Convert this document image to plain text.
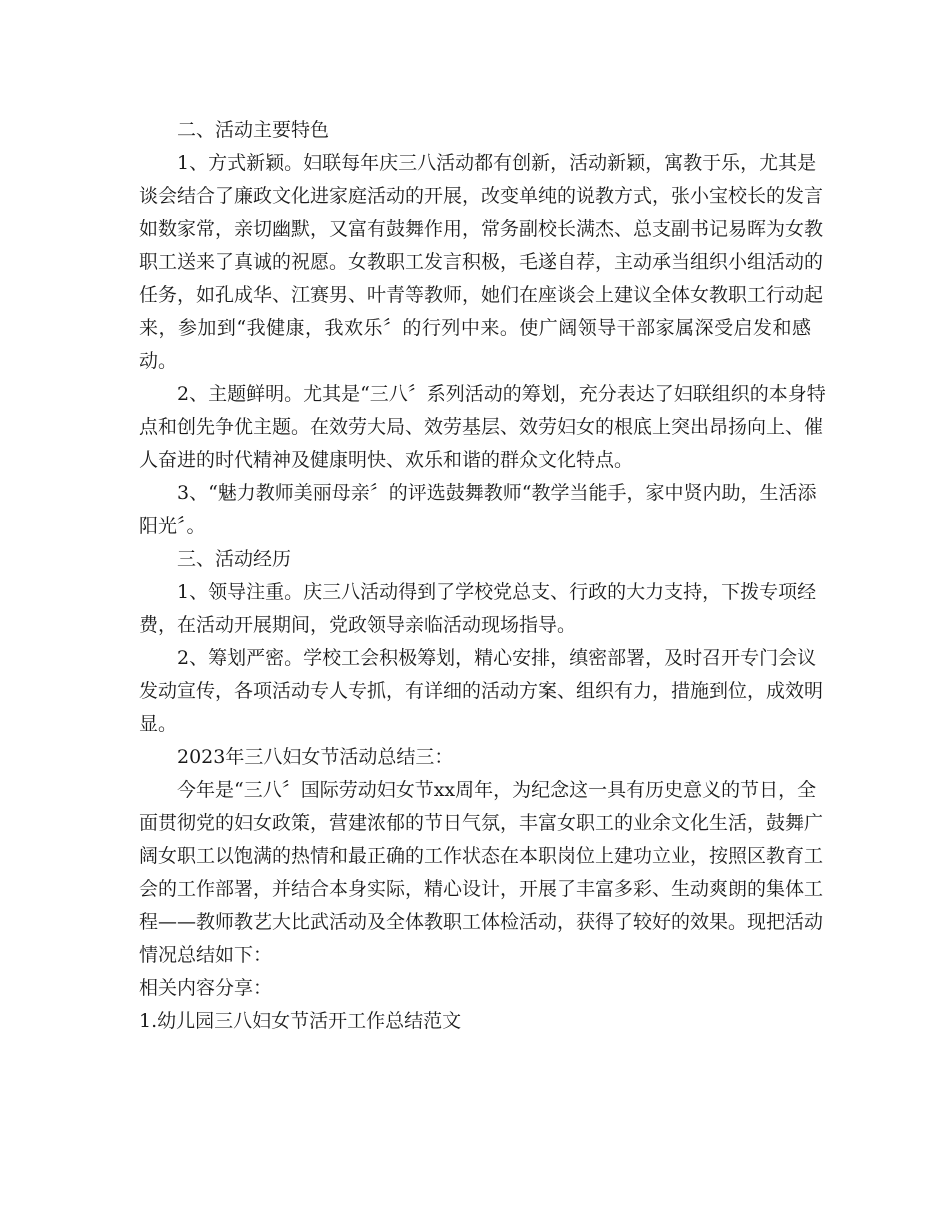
二、活动主要特色

1、方式新颖。妇联每年庆三八活动都有创新，活动新颖，寓教于乐，尤其是

谈会结合了廉政文化进家庭活动的开展，改变单纯的说教方式，张小宝校长的发言

如数家常，亲切幽默，又富有鼓舞作用，常务副校长满杰、总支副书记易晖为女教

职工送来了真诚的祝愿。女教职工发言积极，毛遂自荐，主动承当组织小组活动的

任务，如孔成华、江赛男、叶青等教师，她们在座谈会上建议全体女教职工行动起

来，参加到“我健康，我欢乐〞的行列中来。使广阔领导干部家属深受启发和感

动。

2、主题鲜明。尤其是“三八〞系列活动的筹划，充分表达了妇联组织的本身特

点和创先争优主题。在效劳大局、效劳基层、效劳妇女的根底上突出昂扬向上、催

人奋进的时代精神及健康明快、欢乐和谐的群众文化特点。

3、“魅力教师美丽母亲〞的评选鼓舞教师“教学当能手，家中贤内助，生活添

阳光〞。

三、活动经历

1、领导注重。庆三八活动得到了学校党总支、行政的大力支持，下拨专项经

费，在活动开展期间，党政领导亲临活动现场指导。

2、筹划严密。学校工会积极筹划，精心安排，缜密部署，及时召开专门会议

发动宣传，各项活动专人专抓，有详细的活动方案、组织有力，措施到位，成效明

显。

2023年三八妇女节活动总结三：

今年是“三八〞国际劳动妇女节xx周年，为纪念这一具有历史意义的节日，全

面贯彻党的妇女政策，营建浓郁的节日气氛，丰富女职工的业余文化生活，鼓舞广

阔女职工以饱满的热情和最正确的工作状态在本职岗位上建功立业，按照区教育工

会的工作部署，并结合本身实际，精心设计，开展了丰富多彩、生动爽朗的集体工

程——教师教艺大比武活动及全体教职工体检活动，获得了较好的效果。现把活动

情况总结如下：

相关内容分享：

1.幼儿园三八妇女节活开工作总结范文
